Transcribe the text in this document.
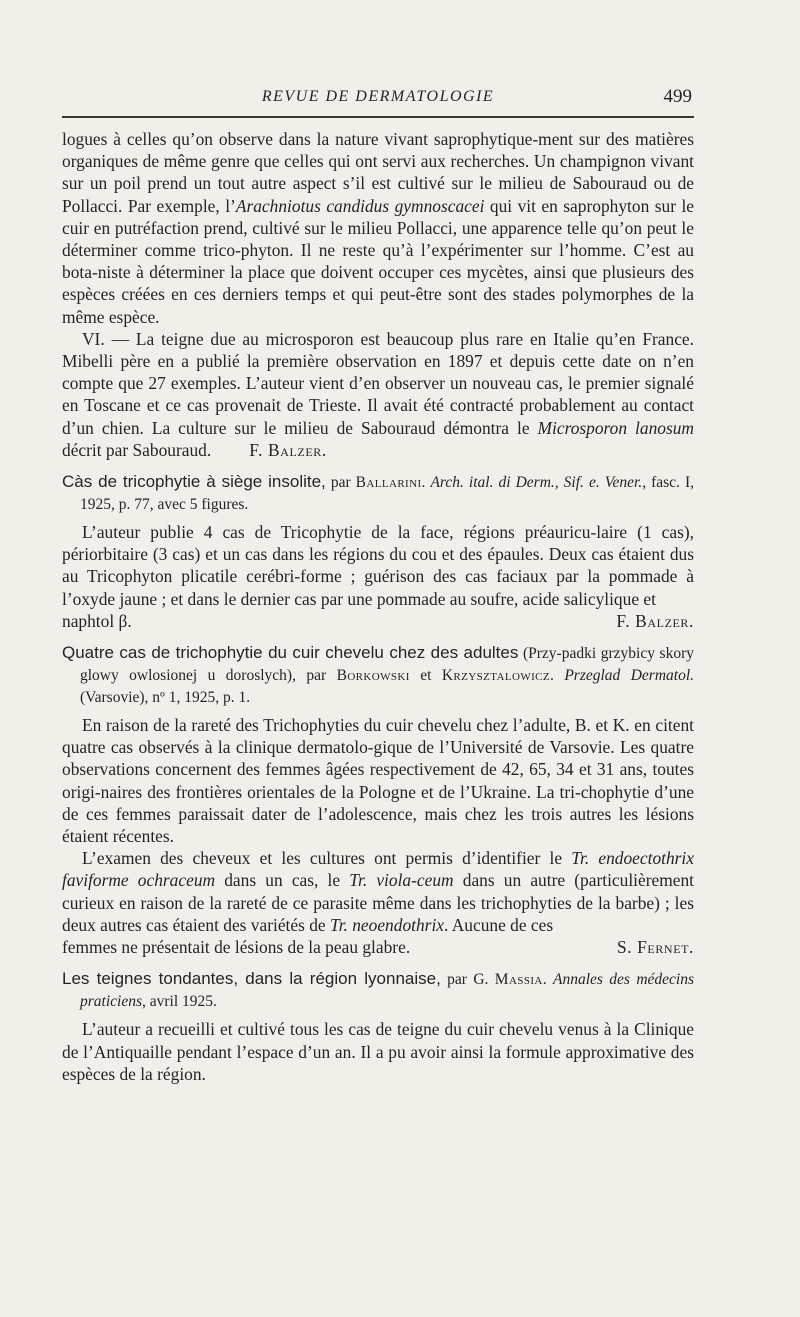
REVUE DE DERMATOLOGIE	499

logues à celles qu’on observe dans la nature vivant saprophytique-ment sur des matières organiques de même genre que celles qui ont servi aux recherches. Un champignon vivant sur un poil prend un tout autre aspect s’il est cultivé sur le milieu de Sabouraud ou de Pollacci. Par exemple, l’Arachniotus candidus gymnoscacei qui vit en saprophyton sur le cuir en putréfaction prend, cultivé sur le milieu Pollacci, une apparence telle qu’on peut le déterminer comme trico-phyton. Il ne reste qu’à l’expérimenter sur l’homme. C’est au bota-niste à déterminer la place que doivent occuper ces mycètes, ainsi que plusieurs des espèces créées en ces derniers temps et qui peut-être sont des stades polymorphes de la même espèce.

VI. — La teigne due au microsporon est beaucoup plus rare en Italie qu’en France. Mibelli père en a publié la première observation en 1897 et depuis cette date on n’en compte que 27 exemples. L’auteur vient d’en observer un nouveau cas, le premier signalé en Toscane et ce cas provenait de Trieste. Il avait été contracté probablement au contact d’un chien. La culture sur le milieu de Sabouraud démontra le Microsporon lanosum décrit par Sabouraud. F. Balzer.

Càs de tricophytie à siège insolite, par Ballarini. Arch. ital. di Derm., Sif. e. Vener., fasc. I, 1925, p. 77, avec 5 figures.

L’auteur publie 4 cas de Tricophytie de la face, régions préauricu-laire (1 cas), périorbitaire (3 cas) et un cas dans les régions du cou et des épaules. Deux cas étaient dus au Tricophyton plicatile cerébri-forme ; guérison des cas faciaux par la pommade à l’oxyde jaune ; et dans le dernier cas par une pommade au soufre, acide salicylique et

naphtol β.	F. Balzer.

Quatre cas de trichophytie du cuir chevelu chez des adultes (Przy-padki grzybicy skory glowy owlosionej u doroslych), par Borkowski et Krzysztalowicz. Przeglad Dermatol. (Varsovie), nº 1, 1925, p. 1.

En raison de la rareté des Trichophyties du cuir chevelu chez l’adulte, B. et K. en citent quatre cas observés à la clinique dermatolo-gique de l’Université de Varsovie. Les quatre observations concernent des femmes âgées respectivement de 42, 65, 34 et 31 ans, toutes origi-naires des frontières orientales de la Pologne et de l’Ukraine. La tri-chophytie d’une de ces femmes paraissait dater de l’adolescence, mais chez les trois autres les lésions étaient récentes.

L’examen des cheveux et les cultures ont permis d’identifier le Tr. endoectothrix faviforme ochraceum dans un cas, le Tr. viola-ceum dans un autre (particulièrement curieux en raison de la rareté de ce parasite même dans les trichophyties de la barbe) ; les deux autres cas étaient des variétés de Tr. neoendothrix. Aucune de ces

femmes ne présentait de lésions de la peau glabre.	S. Fernet.

Les teignes tondantes, dans la région lyonnaise, par G. Massia. Annales des médecins praticiens, avril 1925.

L’auteur a recueilli et cultivé tous les cas de teigne du cuir chevelu venus à la Clinique de l’Antiquaille pendant l’espace d’un an. Il a pu avoir ainsi la formule approximative des espèces de la région.
